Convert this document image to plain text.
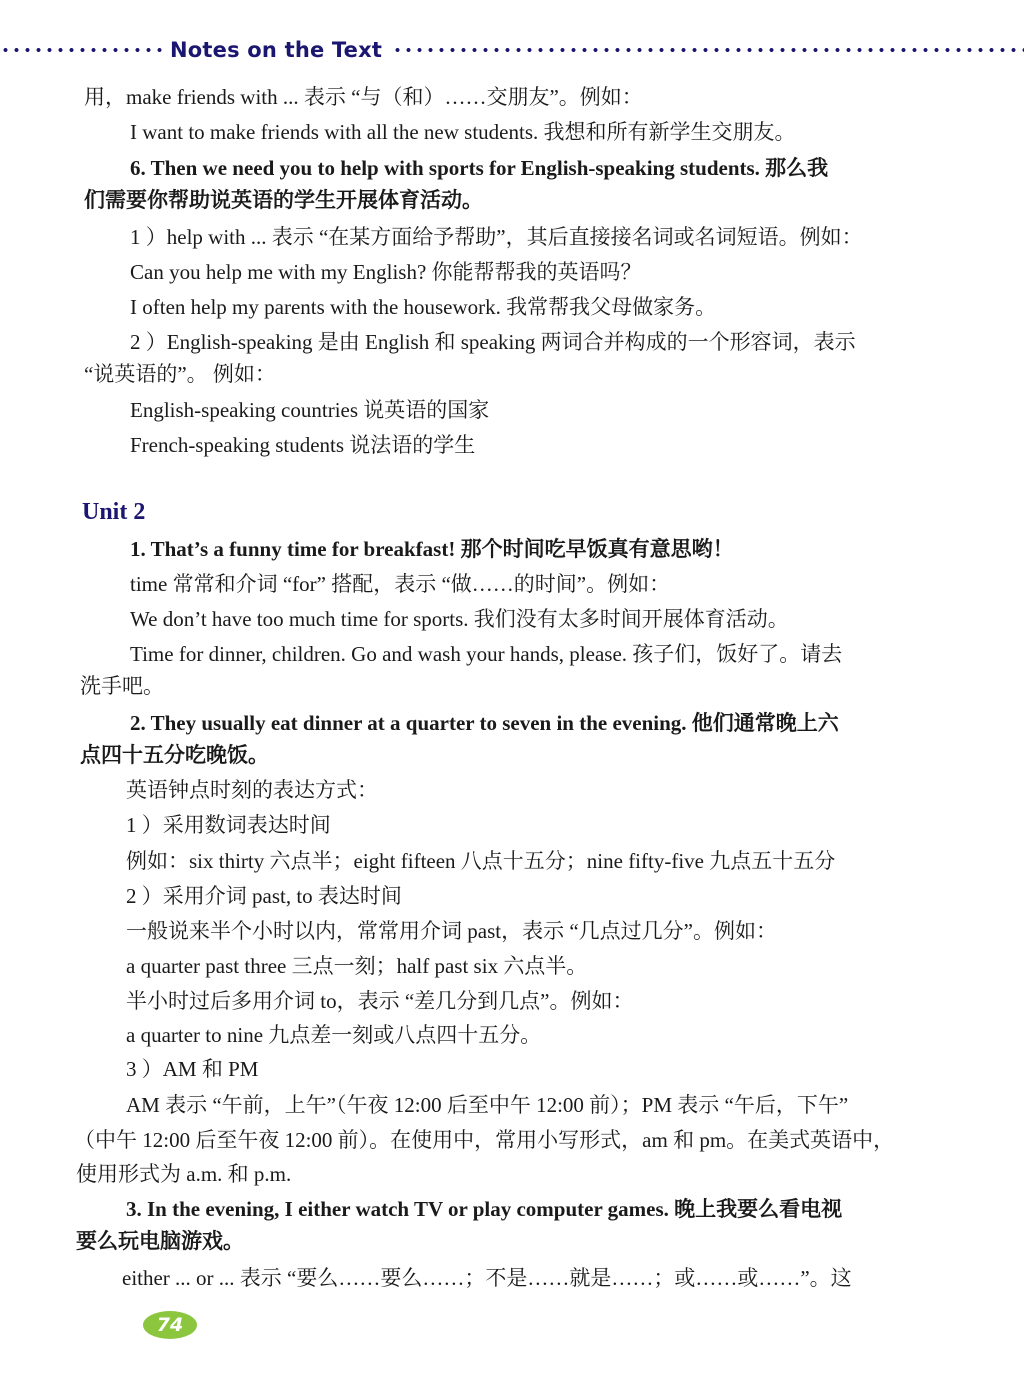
Notes on the Text
用，make friends with ... 表示 “与（和）……交朋友”。例如：
I want to make friends with all the new students. 我想和所有新学生交朋友。
6. Then we need you to help with sports for English-speaking students. 那么我
们需要你帮助说英语的学生开展体育活动。
1 ）help with ... 表示 “在某方面给予帮助”，其后直接接名词或名词短语。例如：
Can you help me with my English? 你能帮帮我的英语吗？
I often help my parents with the housework. 我常帮我父母做家务。
2 ）English-speaking 是由 English 和 speaking 两词合并构成的一个形容词，表示
“说英语的”。 例如：
English-speaking countries 说英语的国家
French-speaking students 说法语的学生
1. That’s a funny time for breakfast! 那个时间吃早饭真有意思哟！
time 常常和介词 “for” 搭配，表示 “做……的时间”。例如：
We don’t have too much time for sports. 我们没有太多时间开展体育活动。
Time for dinner, children. Go and wash your hands, please. 孩子们，饭好了。请去
洗手吧。
2. They usually eat dinner at a quarter to seven in the evening. 他们通常晚上六
点四十五分吃晚饭。
英语钟点时刻的表达方式：
1 ）采用数词表达时间
例如：six thirty 六点半；eight fifteen 八点十五分；nine fifty-five 九点五十五分
2 ）采用介词 past, to 表达时间
一般说来半个小时以内，常常用介词 past，表示 “几点过几分”。例如：
a quarter past three 三点一刻；half past six 六点半。
半小时过后多用介词 to，表示 “差几分到几点”。例如：
a quarter to nine 九点差一刻或八点四十五分。
3 ）AM 和 PM
AM 表示 “午前，上午”（午夜 12:00 后至中午 12:00 前）；PM 表示 “午后，下午”
（中午 12:00 后至午夜 12:00 前）。在使用中，常用小写形式，am 和 pm。在美式英语中，
使用形式为 a.m. 和 p.m.
3. In the evening, I either watch TV or play computer games. 晚上我要么看电视
要么玩电脑游戏。
either ... or ... 表示 “要么……要么……；不是……就是……；或……或……”。这
Unit 2
74
